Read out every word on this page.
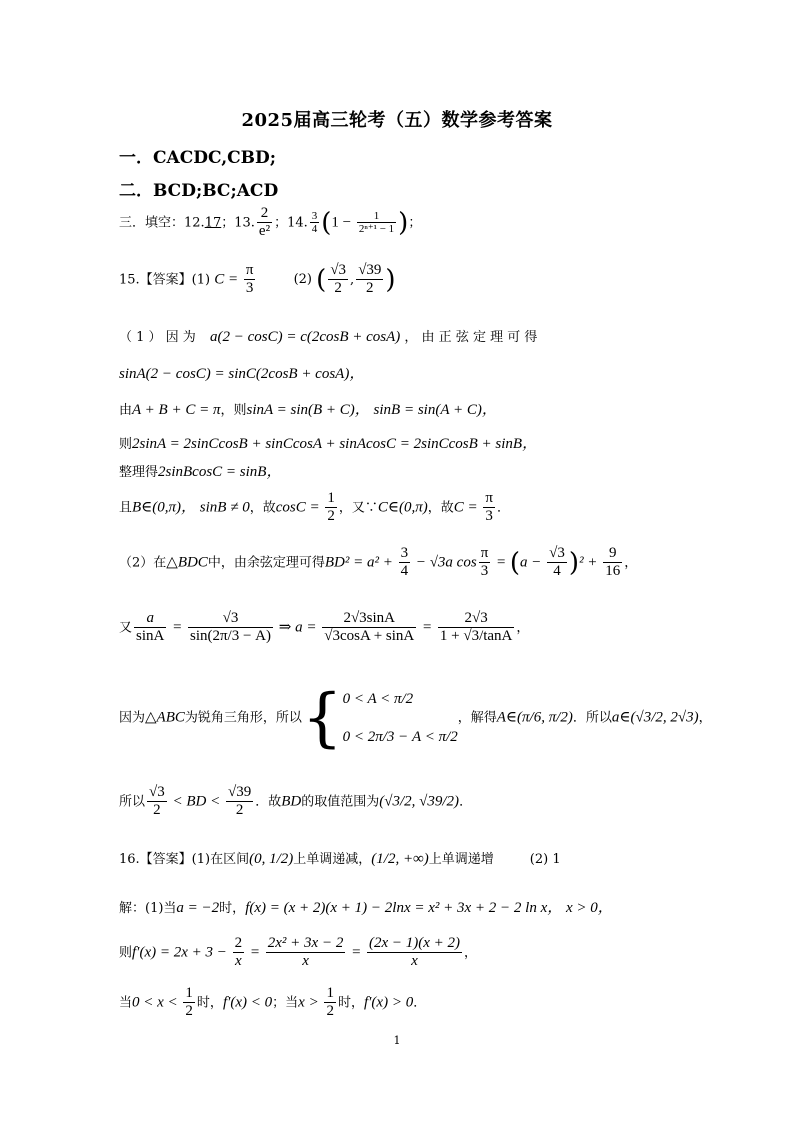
2025届高三轮考（五）数学参考答案
一．CACDC,CBD;
二．BCD;BC;ACD
三．填空：12.17；13. $\frac{2}{\text{e²}}$ ；14. $\frac{3}{4} (1 - \frac{1}{\text{2ⁿ⁺¹ − 1}}$ )；
15.【答案】(1) $C = \frac{\pi}{3}$	(2) ( $\frac{√3}{2}$ , $\frac{√39}{2}$ )
（ 1 ） 因 为 a(2 − cosC) = c(2cosB + cosA) ， 由 正 弦 定 理 可 得
sinA(2 − cosC) = sinC(2cosB + cosA)，
由A + B + C = π，则sinA = sin(B + C)， sinB = sin(A + C)，
则2sinA = 2sinCcosB + sinCcosA + sinAcosC = 2sinCcosB + sinB，
整理得2sinBcosC = sinB，
且B∈(0,π)， sinB ≠ 0，故$\cos C = \frac{1}{2}$ ，又∵C∈(0,π)，故$C = \frac{\pi}{3}$ ．
（2）在△BDC中，由余弦定理可得$BD^2 = a^2 + \frac{3}{4} - √3a$ $\cos \frac{\pi}{3} = (a - \frac{√3}{4} )^2 + \frac{9}{16}$ ，
又 $\frac{a}{\sin A} = \frac{√3}{\sin(2\pi/3 - A)}$ ⇒ $a = \frac{2√3\sin A}{√3\cos A + \sin A} = \frac{2√3}{1 + √3/\tan A}$ ，
因为△ABC为锐角三角形，所以{ 0 < A < π/2
0 < 2π/3 − A < π/2
，解得A∈(π/6, π/2)．所以a∈(√3/2, 2√3)，
所以 $\frac{√3}{2}$ < BD < $\frac{√39}{2}$ ．故BD的取值范围为(√3/2, √39/2)．
16.【答案】(1)在区间(0, 1/2)上单调递减，(1/2, +∞)上单调递增	(2) 1
解：(1)当a = −2时，f(x) = (x + 2)(x + 1) − 2lnx = x² + 3x + 2 − 2 ln x， x > 0，
则$f'(x) = 2x + 3 - \frac{2}{x} = \frac{\text{2x² + 3x − 2}}{x} = \frac{(2x - 1)(x + 2)}{x}$ ，
当$0 < x < \frac{1}{2}$ 时，f′(x) < 0；当$x > \frac{1}{2}$ 时，f′(x) > 0．
1
